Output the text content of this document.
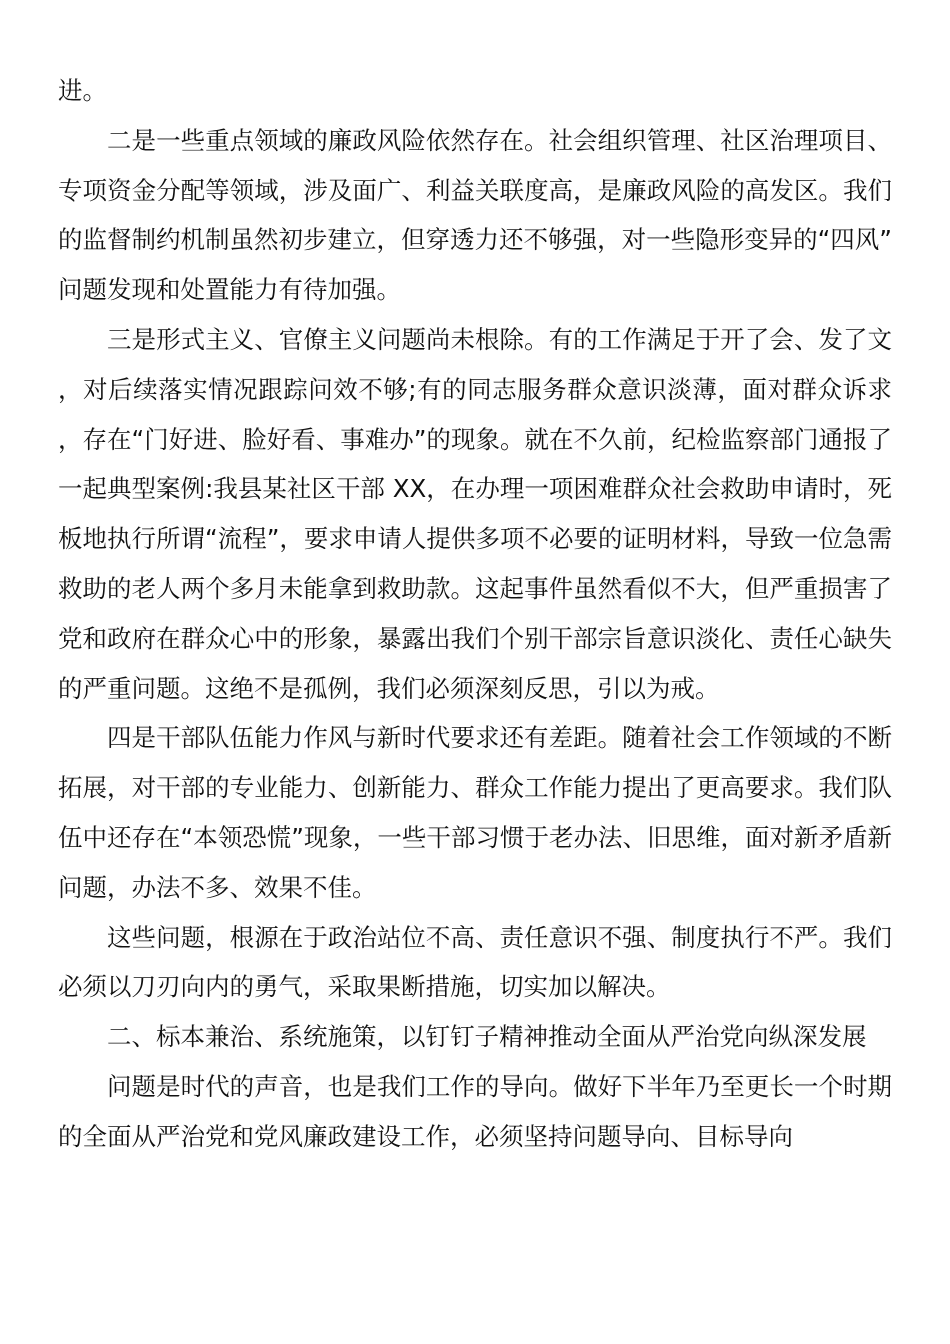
进。

二是一些重点领域的廉政风险依然存在。社会组织管理、社区治理项目、专项资金分配等领域，涉及面广、利益关联度高，是廉政风险的高发区。我们的监督制约机制虽然初步建立，但穿透力还不够强，对一些隐形变异的“四风”问题发现和处置能力有待加强。

三是形式主义、官僚主义问题尚未根除。有的工作满足于开了会、发了文，对后续落实情况跟踪问效不够;有的同志服务群众意识淡薄，面对群众诉求，存在“门好进、脸好看、事难办”的现象。就在不久前，纪检监察部门通报了一起典型案例:我县某社区干部 XX，在办理一项困难群众社会救助申请时，死板地执行所谓“流程”，要求申请人提供多项不必要的证明材料，导致一位急需救助的老人两个多月未能拿到救助款。这起事件虽然看似不大，但严重损害了党和政府在群众心中的形象，暴露出我们个别干部宗旨意识淡化、责任心缺失的严重问题。这绝不是孤例，我们必须深刻反思，引以为戒。

四是干部队伍能力作风与新时代要求还有差距。随着社会工作领域的不断拓展，对干部的专业能力、创新能力、群众工作能力提出了更高要求。我们队伍中还存在“本领恐慌”现象，一些干部习惯于老办法、旧思维，面对新矛盾新问题，办法不多、效果不佳。

这些问题，根源在于政治站位不高、责任意识不强、制度执行不严。我们必须以刀刃向内的勇气，采取果断措施，切实加以解决。

二、标本兼治、系统施策，以钉钉子精神推动全面从严治党向纵深发展

问题是时代的声音，也是我们工作的导向。做好下半年乃至更长一个时期的全面从严治党和党风廉政建设工作，必须坚持问题导向、目标导向
